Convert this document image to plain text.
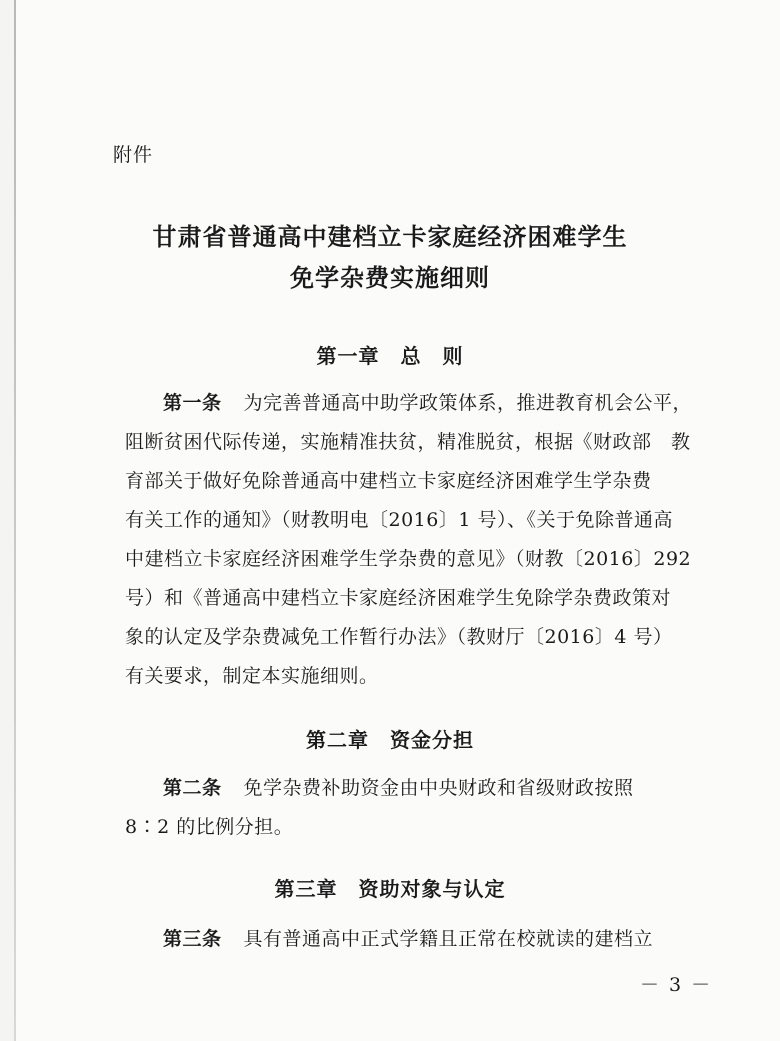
附件
甘肃省普通高中建档立卡家庭经济困难学生
免学杂费实施细则
第一章　总　则
第一条 为完善普通高中助学政策体系，推进教育机会公平，
阻断贫困代际传递，实施精准扶贫，精准脱贫，根据《财政部　教
育部关于做好免除普通高中建档立卡家庭经济困难学生学杂费
有关工作的通知》（财教明电〔2016〕1 号）、《关于免除普通高
中建档立卡家庭经济困难学生学杂费的意见》（财教〔2016〕292
号）和《普通高中建档立卡家庭经济困难学生免除学杂费政策对
象的认定及学杂费减免工作暂行办法》（教财厅〔2016〕4 号）
有关要求，制定本实施细则。
第二章　资金分担
第二条 免学杂费补助资金由中央财政和省级财政按照
8∶2 的比例分担。
第三章　资助对象与认定
第三条 具有普通高中正式学籍且正常在校就读的建档立
－ 3 －
